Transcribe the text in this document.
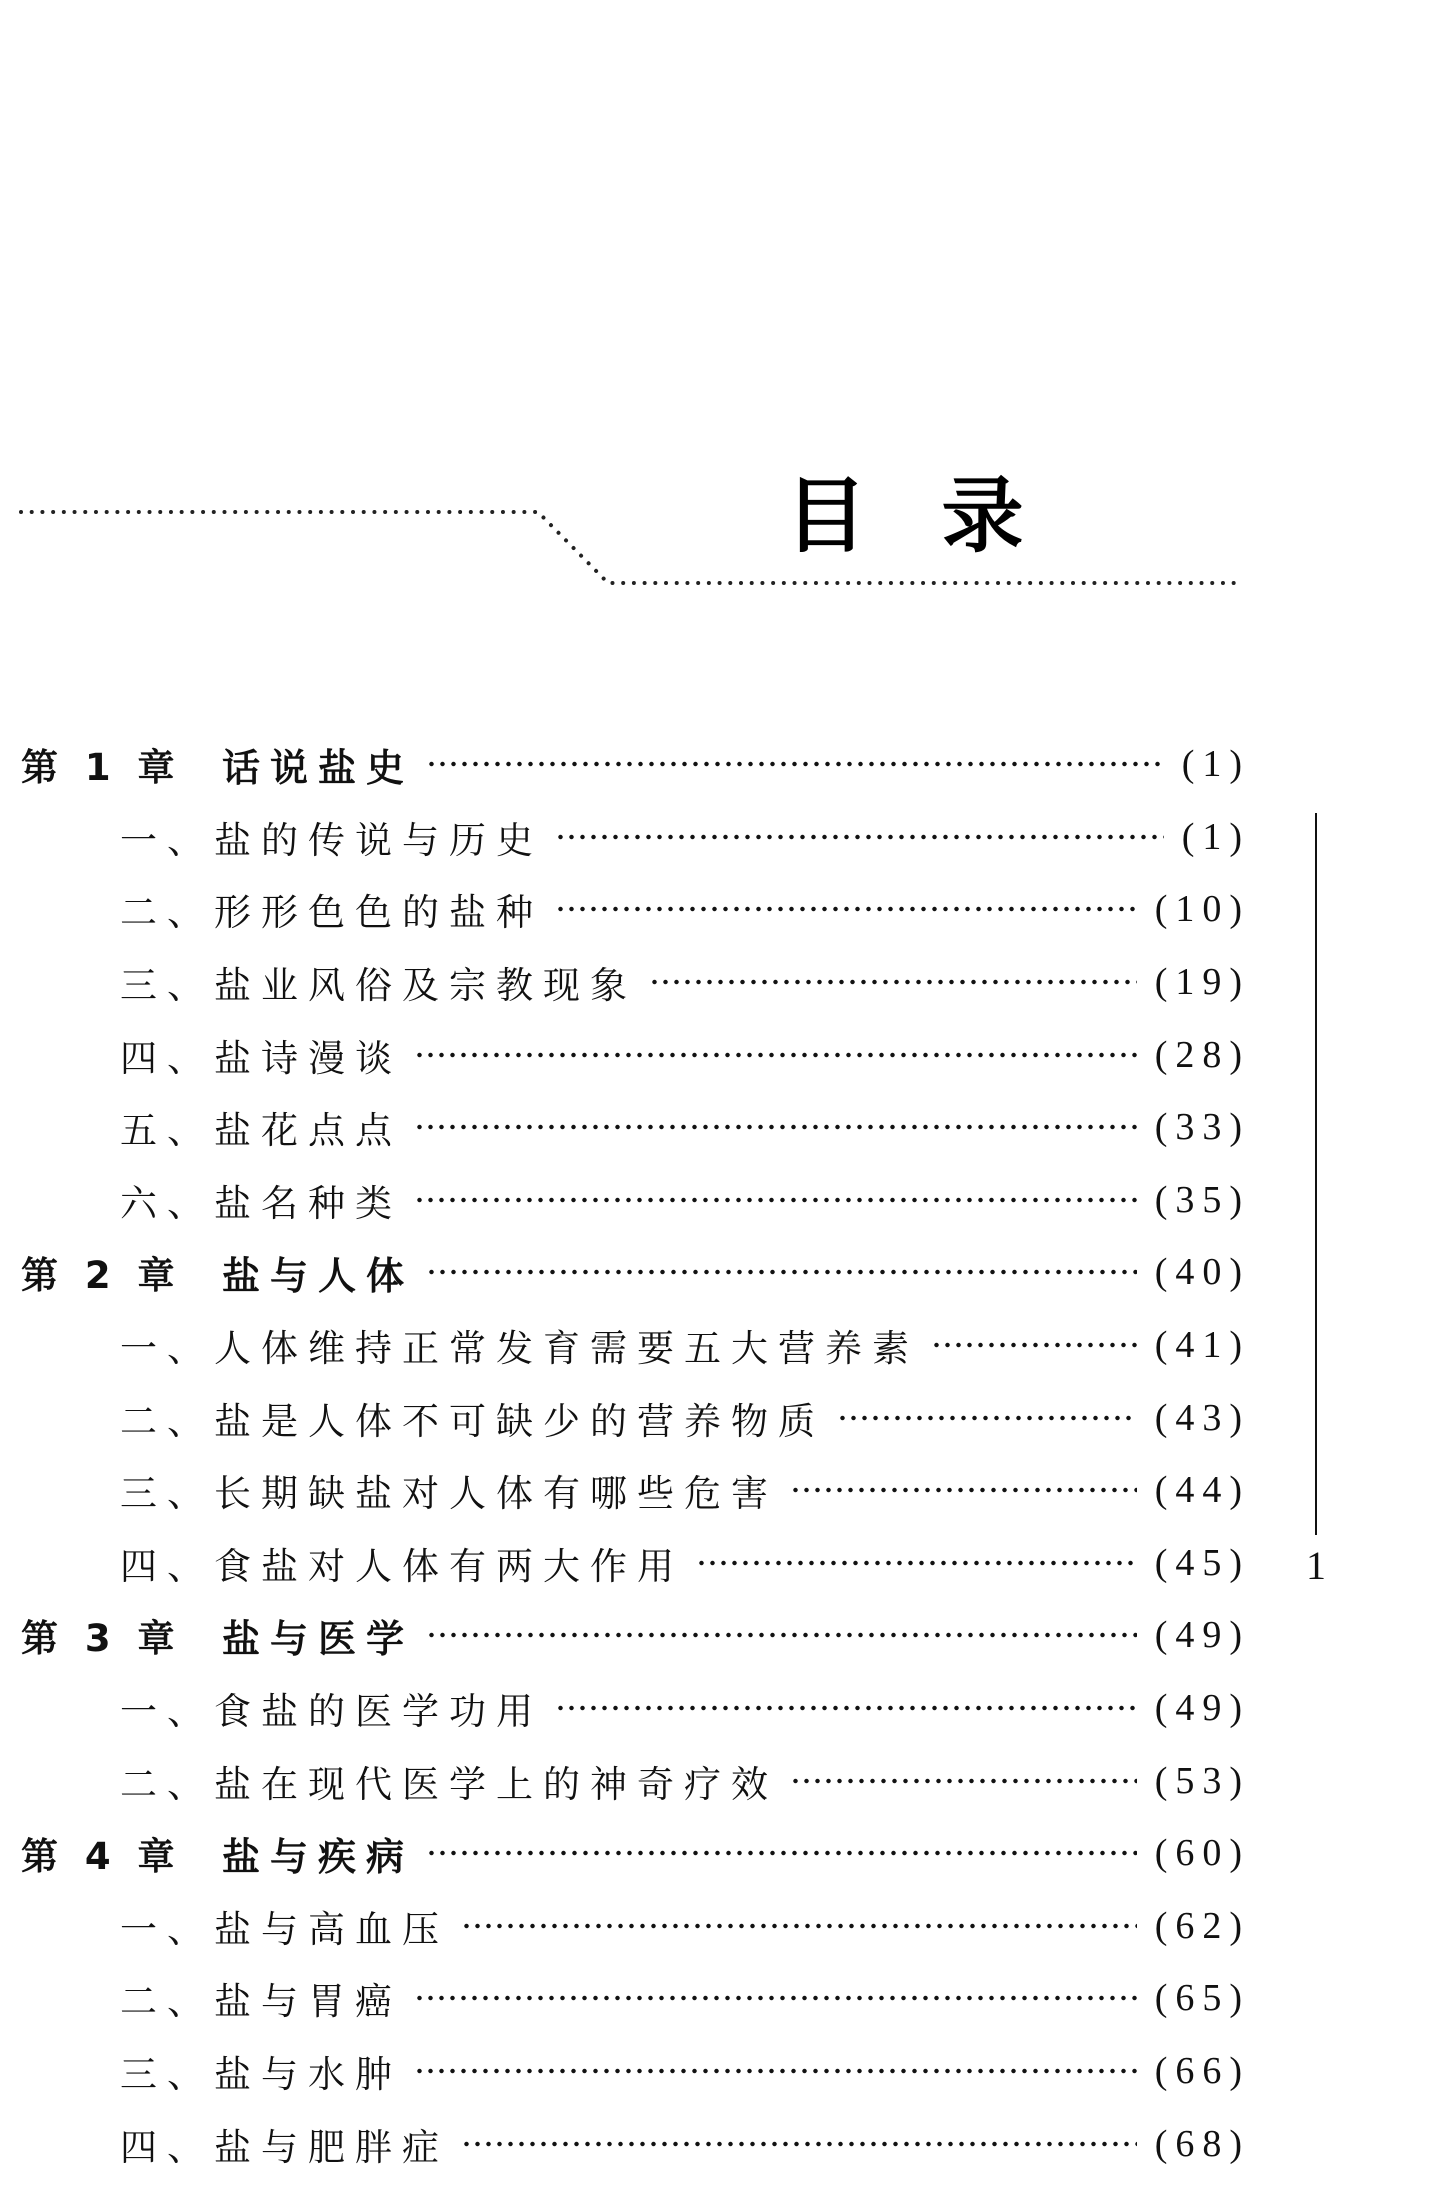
目 录
第 1 章	话说盐史	(1)
一、盐的传说与历史	(1)
二、形形色色的盐种	(10)
三、盐业风俗及宗教现象	(19)
四、盐诗漫谈	(28)
五、盐花点点	(33)
六、盐名种类	(35)
第 2 章	盐与人体	(40)
一、人体维持正常发育需要五大营养素	(41)
二、盐是人体不可缺少的营养物质	(43)
三、长期缺盐对人体有哪些危害	(44)
四、食盐对人体有两大作用	(45)
第 3 章	盐与医学	(49)
一、食盐的医学功用	(49)
二、盐在现代医学上的神奇疗效	(53)
第 4 章	盐与疾病	(60)
一、盐与高血压	(62)
二、盐与胃癌	(65)
三、盐与水肿	(66)
四、盐与肥胖症	(68)
1
